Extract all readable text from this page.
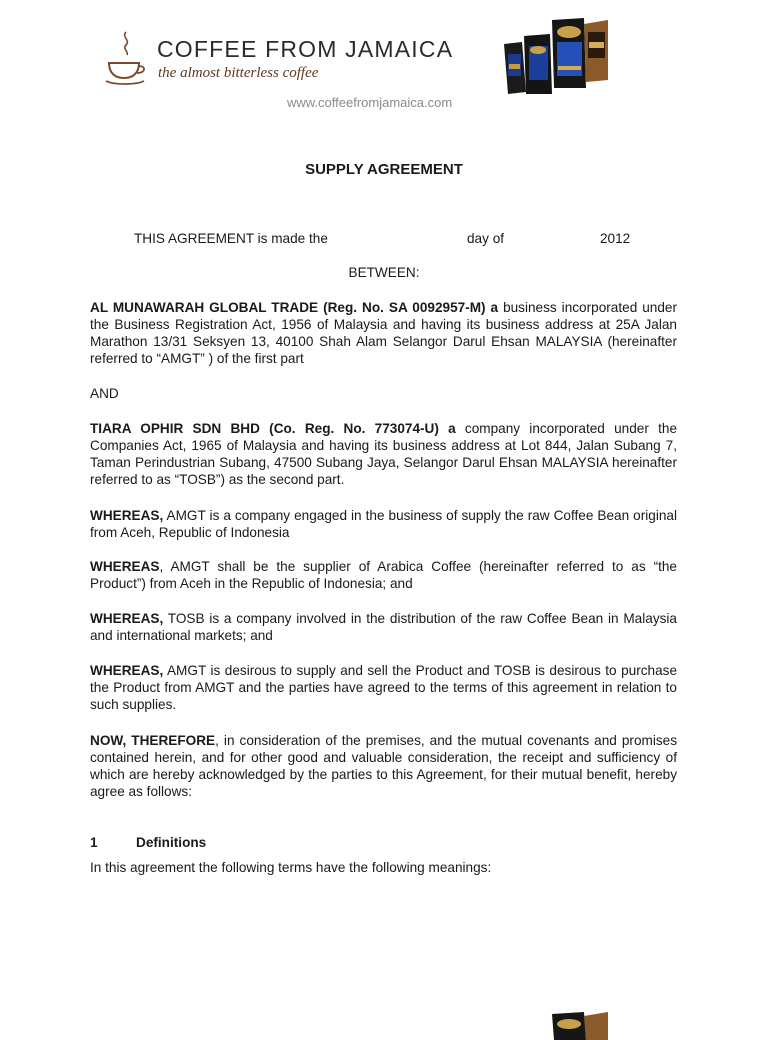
COFFEE FROM JAMAICA
the almost bitterless coffee
www.coffeefromjamaica.com
SUPPLY AGREEMENT
THIS AGREEMENT is made the	day of	2012
BETWEEN:
AL MUNAWARAH GLOBAL TRADE (Reg. No. SA 0092957-M) a business incorporated under the Business Registration Act, 1956 of Malaysia and having its business address at 25A Jalan Marathon 13/31 Seksyen 13, 40100 Shah Alam Selangor Darul Ehsan MALAYSIA (hereinafter referred to “AMGT” ) of the first part
AND
TIARA OPHIR SDN BHD (Co. Reg. No. 773074-U) a company incorporated under the Companies Act, 1965 of Malaysia and having its business address at Lot 844, Jalan Subang 7, Taman Perindustrian Subang, 47500 Subang Jaya, Selangor Darul Ehsan MALAYSIA hereinafter referred to as “TOSB”) as the second part.
WHEREAS, AMGT is a company engaged in the business of supply the raw Coffee Bean original from Aceh, Republic of Indonesia
WHEREAS, AMGT shall be the supplier of Arabica Coffee (hereinafter referred to as “the Product”) from Aceh in the Republic of Indonesia; and
WHEREAS, TOSB is a company involved in the distribution of the raw Coffee Bean in Malaysia and international markets; and
WHEREAS, AMGT is desirous to supply and sell the Product and TOSB is desirous to purchase the Product from AMGT and the parties have agreed to the terms of this agreement in relation to such supplies.
NOW, THEREFORE, in consideration of the premises, and the mutual covenants and promises contained herein, and for other good and valuable consideration, the receipt and sufficiency of which are hereby acknowledged by the parties to this Agreement, for their mutual benefit, hereby agree as follows:
1	Definitions
In this agreement the following terms have the following meanings:
